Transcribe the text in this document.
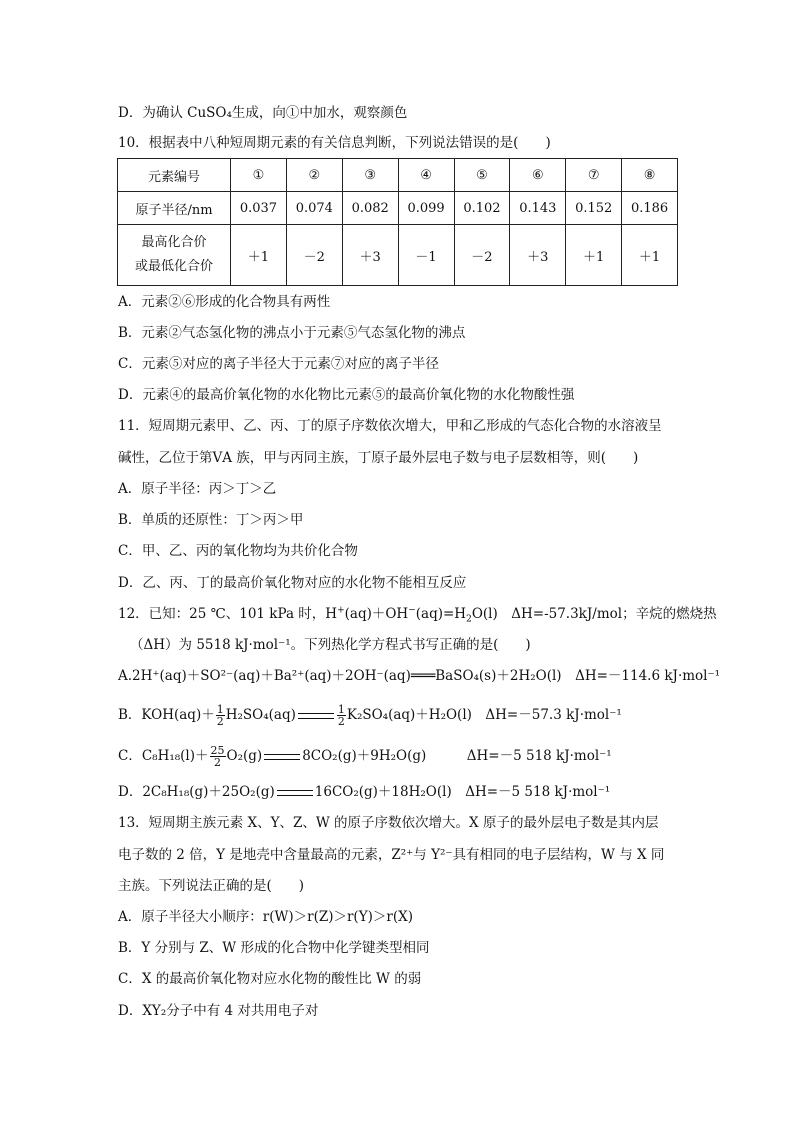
D．为确认 CuSO₄生成，向①中加水，观察颜色
10．根据表中八种短周期元素的有关信息判断，下列说法错误的是(　　)
元素编号	①	②	③	④	⑤	⑥	⑦	⑧
原子半径/nm	0.037	0.074	0.082	0.099	0.102	0.143	0.152	0.186

最高化合价
或最低化合价	＋1	－2	＋3	－1	－2	＋3	＋1	＋1
A．元素②⑥形成的化合物具有两性
B．元素②气态氢化物的沸点小于元素⑤气态氢化物的沸点
C．元素⑤对应的离子半径大于元素⑦对应的离子半径
D．元素④的最高价氧化物的水化物比元素⑤的最高价氧化物的水化物酸性强
11．短周期元素甲、乙、丙、丁的原子序数依次增大，甲和乙形成的气态化合物的水溶液呈
碱性，乙位于第ⅤA 族，甲与丙同主族，丁原子最外层电子数与电子层数相等，则(　　)
A．原子半径：丙＞丁＞乙
B．单质的还原性：丁＞丙＞甲
C．甲、乙、丙的氧化物均为共价化合物
D．乙、丙、丁的最高价氧化物对应的水化物不能相互反应
12．已知：25 ℃、101 kPa 时，$H^+(aq)+OH^-(aq)=H_2O(l)$　ΔH=-57.3kJ/mol；辛烷的燃烧热
（ΔH）为 5518 kJ·mol⁻¹。下列热化学方程式书写正确的是(　　)
A.2H⁺(aq)＋SO²⁻(aq)＋Ba²⁺(aq)＋2OH⁻(aq)═══BaSO₄(s)＋2H₂O(l)　ΔH=－114.6 kJ·mol⁻¹
B．$KOH(aq)+ \frac{1}{2} H_2SO_4(aq)$	$\frac{1}{2} K_2SO_4(aq)+H_2O(l)$　ΔH=－57.3 kJ·mol⁻¹
C．$C_8H_{18}(l)+ \frac{25}{2} O_2(g)$	8CO₂(g)＋9H₂O(g)　　　ΔH=－5 518 kJ·mol⁻¹
D．2C₈H₁₈(g)＋25O₂(g)	16CO₂(g)＋18H₂O(l)　ΔH=－5 518 kJ·mol⁻¹
13．短周期主族元素 X、Y、Z、W 的原子序数依次增大。X 原子的最外层电子数是其内层
电子数的 2 倍，Y 是地壳中含量最高的元素，Z²⁺与 Y²⁻具有相同的电子层结构，W 与 X 同
主族。下列说法正确的是(　　)
A．原子半径大小顺序：r(W)＞r(Z)＞r(Y)＞r(X)
B．Y 分别与 Z、W 形成的化合物中化学键类型相同
C．X 的最高价氧化物对应水化物的酸性比 W 的弱
D．XY₂分子中有 4 对共用电子对
